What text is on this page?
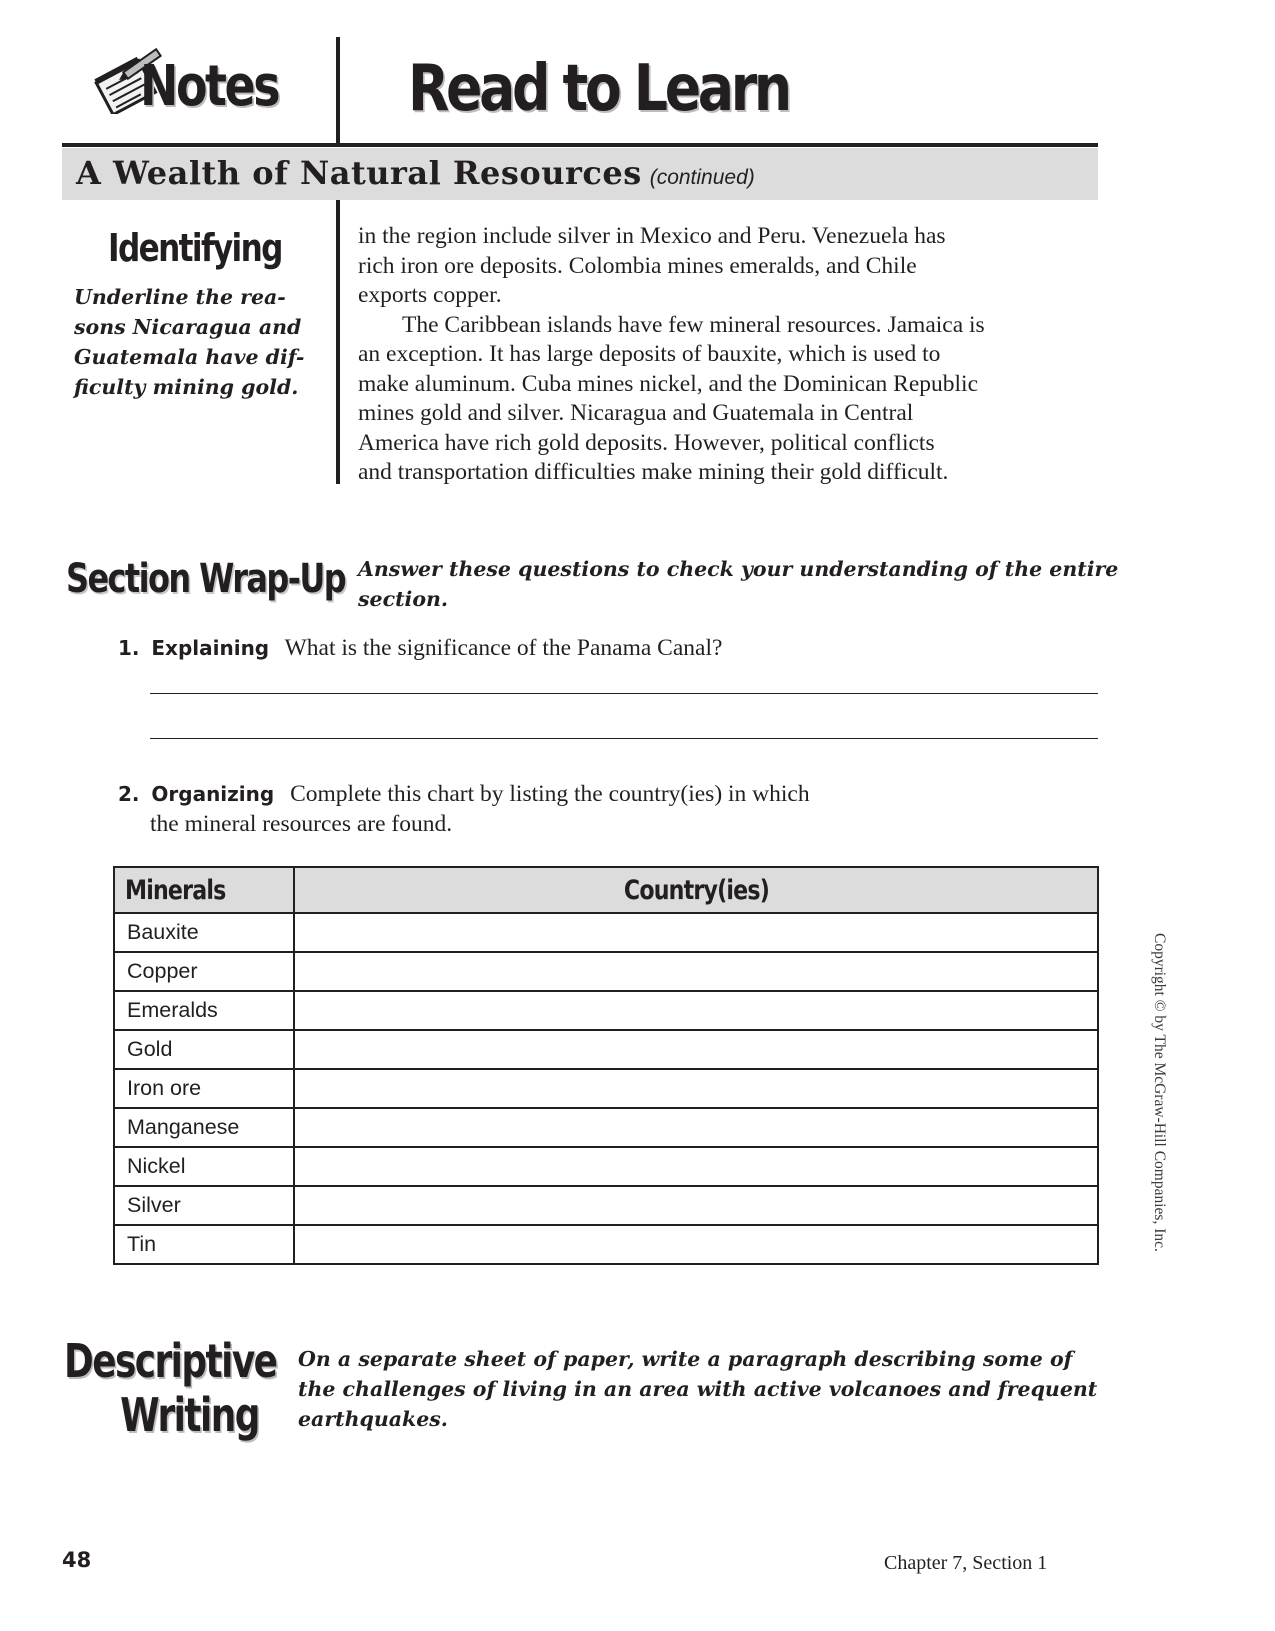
Notes Read to Learn
A Wealth of Natural Resources (continued)
Identifying
Underline the rea-
sons Nicaragua and
Guatemala have dif-
ficulty mining gold.
in the region include silver in Mexico and Peru. Venezuela has
rich iron ore deposits. Colombia mines emeralds, and Chile
exports copper.
The Caribbean islands have few mineral resources. Jamaica is
an exception. It has large deposits of bauxite, which is used to
make aluminum. Cuba mines nickel, and the Dominican Republic
mines gold and silver. Nicaragua and Guatemala in Central
America have rich gold deposits. However, political conflicts
and transportation difficulties make mining their gold difficult.
Section Wrap-Up Answer these questions to check your understanding of the entire
section.
1. Explaining What is the significance of the Panama Canal?
2. Organizing Complete this chart by listing the country(ies) in which
the mineral resources are found.
Minerals	Country(ies)
Bauxite	
Copper	
Emeralds	
Gold	
Iron ore	
Manganese	
Nickel	
Silver	
Tin	
Descriptive
Writing
On a separate sheet of paper, write a paragraph describing some of
the challenges of living in an area with active volcanoes and frequent
earthquakes.
48	Chapter 7, Section 1
Copyright © by The McGraw-Hill Companies, Inc.
